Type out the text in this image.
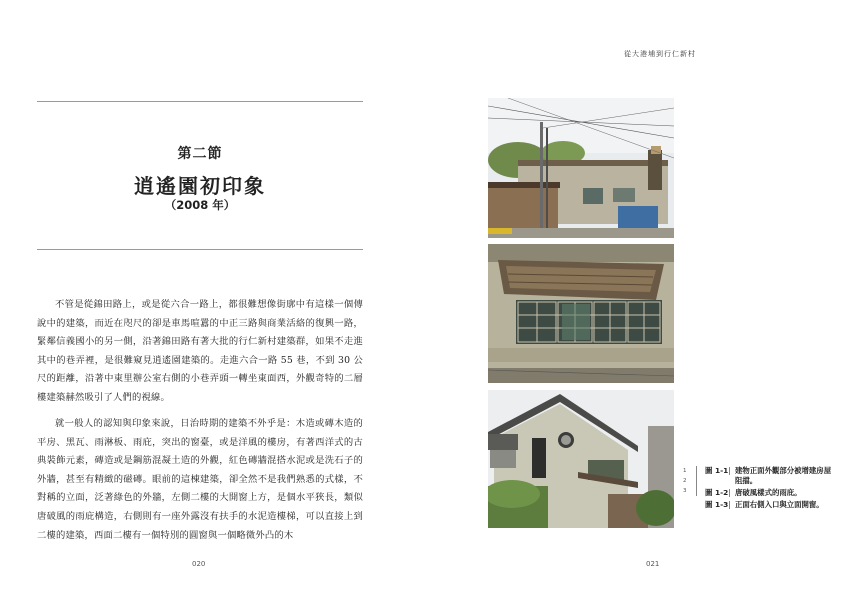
第二節
逍遙園初印象
（2008 年）

不管是從錦田路上，或是從六合一路上，都很難想像街廓中有這樣一個傳說中的建築，而近在咫尺的卻是車馬喧囂的中正三路與商業活絡的復興一路，緊鄰信義國小的另一側，沿著錦田路有著大批的行仁新村建築群，如果不走進其中的巷弄裡，是很難窺見逍遙園建築的。走進六合一路 55 巷，不到 30 公尺的距離，沿著中東里辦公室右側的小巷弄頭一轉坐東面西，外觀奇特的二層樓建築赫然吸引了人們的視線。

就一般人的認知與印象來說，日治時期的建築不外乎是：木造或磚木造的平房、黑瓦、雨淋板、雨庇，突出的窗臺，或是洋風的樓房，有著西洋式的古典裝飾元素，磚造或是鋼筋混凝土造的外觀，紅色磚牆混搭水泥或是洗石子的外牆，甚至有精緻的磁磚。眼前的這棟建築，卻全然不是我們熟悉的式樣，不對稱的立面，泛著綠色的外牆，左側二樓的大開窗上方，是個水平狹長，類似唐破風的雨庇構造，右側則有一座外露沒有扶手的水泥造樓梯，可以直接上到二樓的建築，西面二樓有一個特別的圓窗與一個略微外凸的木

020
從大港埔到行仁新村
1
2
3
圖 1-1 建物正面外觀部分被增建房屋阻擋。
圖 1-2 唐破風樣式的雨庇。
圖 1-3 正面右側入口與立面開窗。
021
